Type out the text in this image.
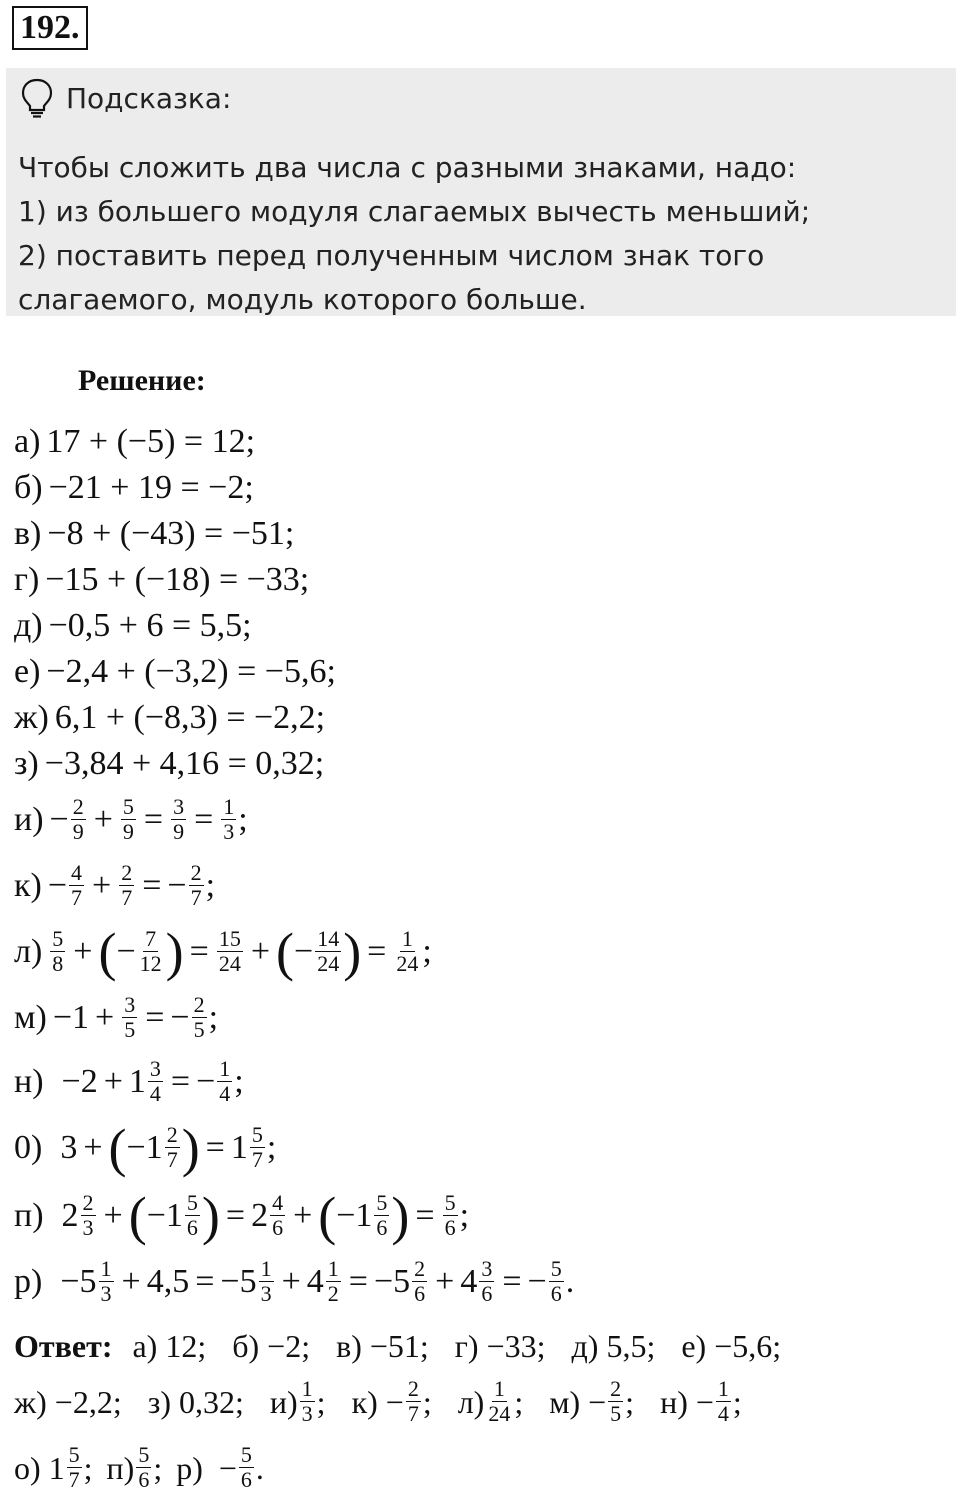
192.
Подсказка:
Чтобы сложить два числа с разными знаками, надо:
1) из большего модуля слагаемых вычесть меньший;
2) поставить перед полученным числом знак того
слагаемого, модуль которого больше.
Решение:
а) 17 + (−5) = 12;
б) −21 + 19 = −2;
в) −8 + (−43) = −51;
г) −15 + (−18) = −33;
д) −0,5 + 6 = 5,5;
е) −2,4 + (−3,2) = −5,6;
ж) 6,1 + (−8,3) = −2,2;
з) −3,84 + 4,16 = 0,32;
$и) - \frac{2}{9} + \frac{5}{9} = \frac{3}{9} = \frac{1}{3}$ ;
$к) - \frac{4}{7} + \frac{2}{7}$ = − $\frac{2}{7}$ ;
$л) \frac{5}{8}$ + ( − $\frac{7}{12}$ ) = $\frac{15}{24}$ + ( − $\frac{14}{24}$ ) = $\frac{1}{24}$ ;
$м) -1 + \frac{3}{5}$ = − $\frac{2}{5}$ ;
$н) -2 + 1 \frac{3}{4}$ = − $\frac{1}{4}$ ;
0) 3 + ( $-1 \frac{2}{7}$ ) = $1 \frac{5}{7}$ ;
п) $2 \frac{2}{3}$ + ( $-1 \frac{5}{6}$ ) = $2 \frac{4}{6}$ + ( $-1 \frac{5}{6}$ ) = $\frac{5}{6}$ ;
$р) -5 \frac{1}{3} + 4,5 = -5 \frac{1}{3} + 4 \frac{1}{2} = -5 \frac{2}{6} + 4 \frac{3}{6}$ = − $\frac{5}{6}$ .
Ответ: а) 12; б) −2; в) −51; г) −33; д) 5,5; е) −5,6;
ж) −2,2; з) 0,32; $и) \frac{1}{3}$ ; $к) - \frac{2}{7}$ ; $л) \frac{1}{24}$ ; $м) - \frac{2}{5}$ ; $н) - \frac{1}{4}$ ;
о) $1 \frac{5}{7}$ ; $п) \frac{5}{6}$ ; $р) - \frac{5}{6}$ .
